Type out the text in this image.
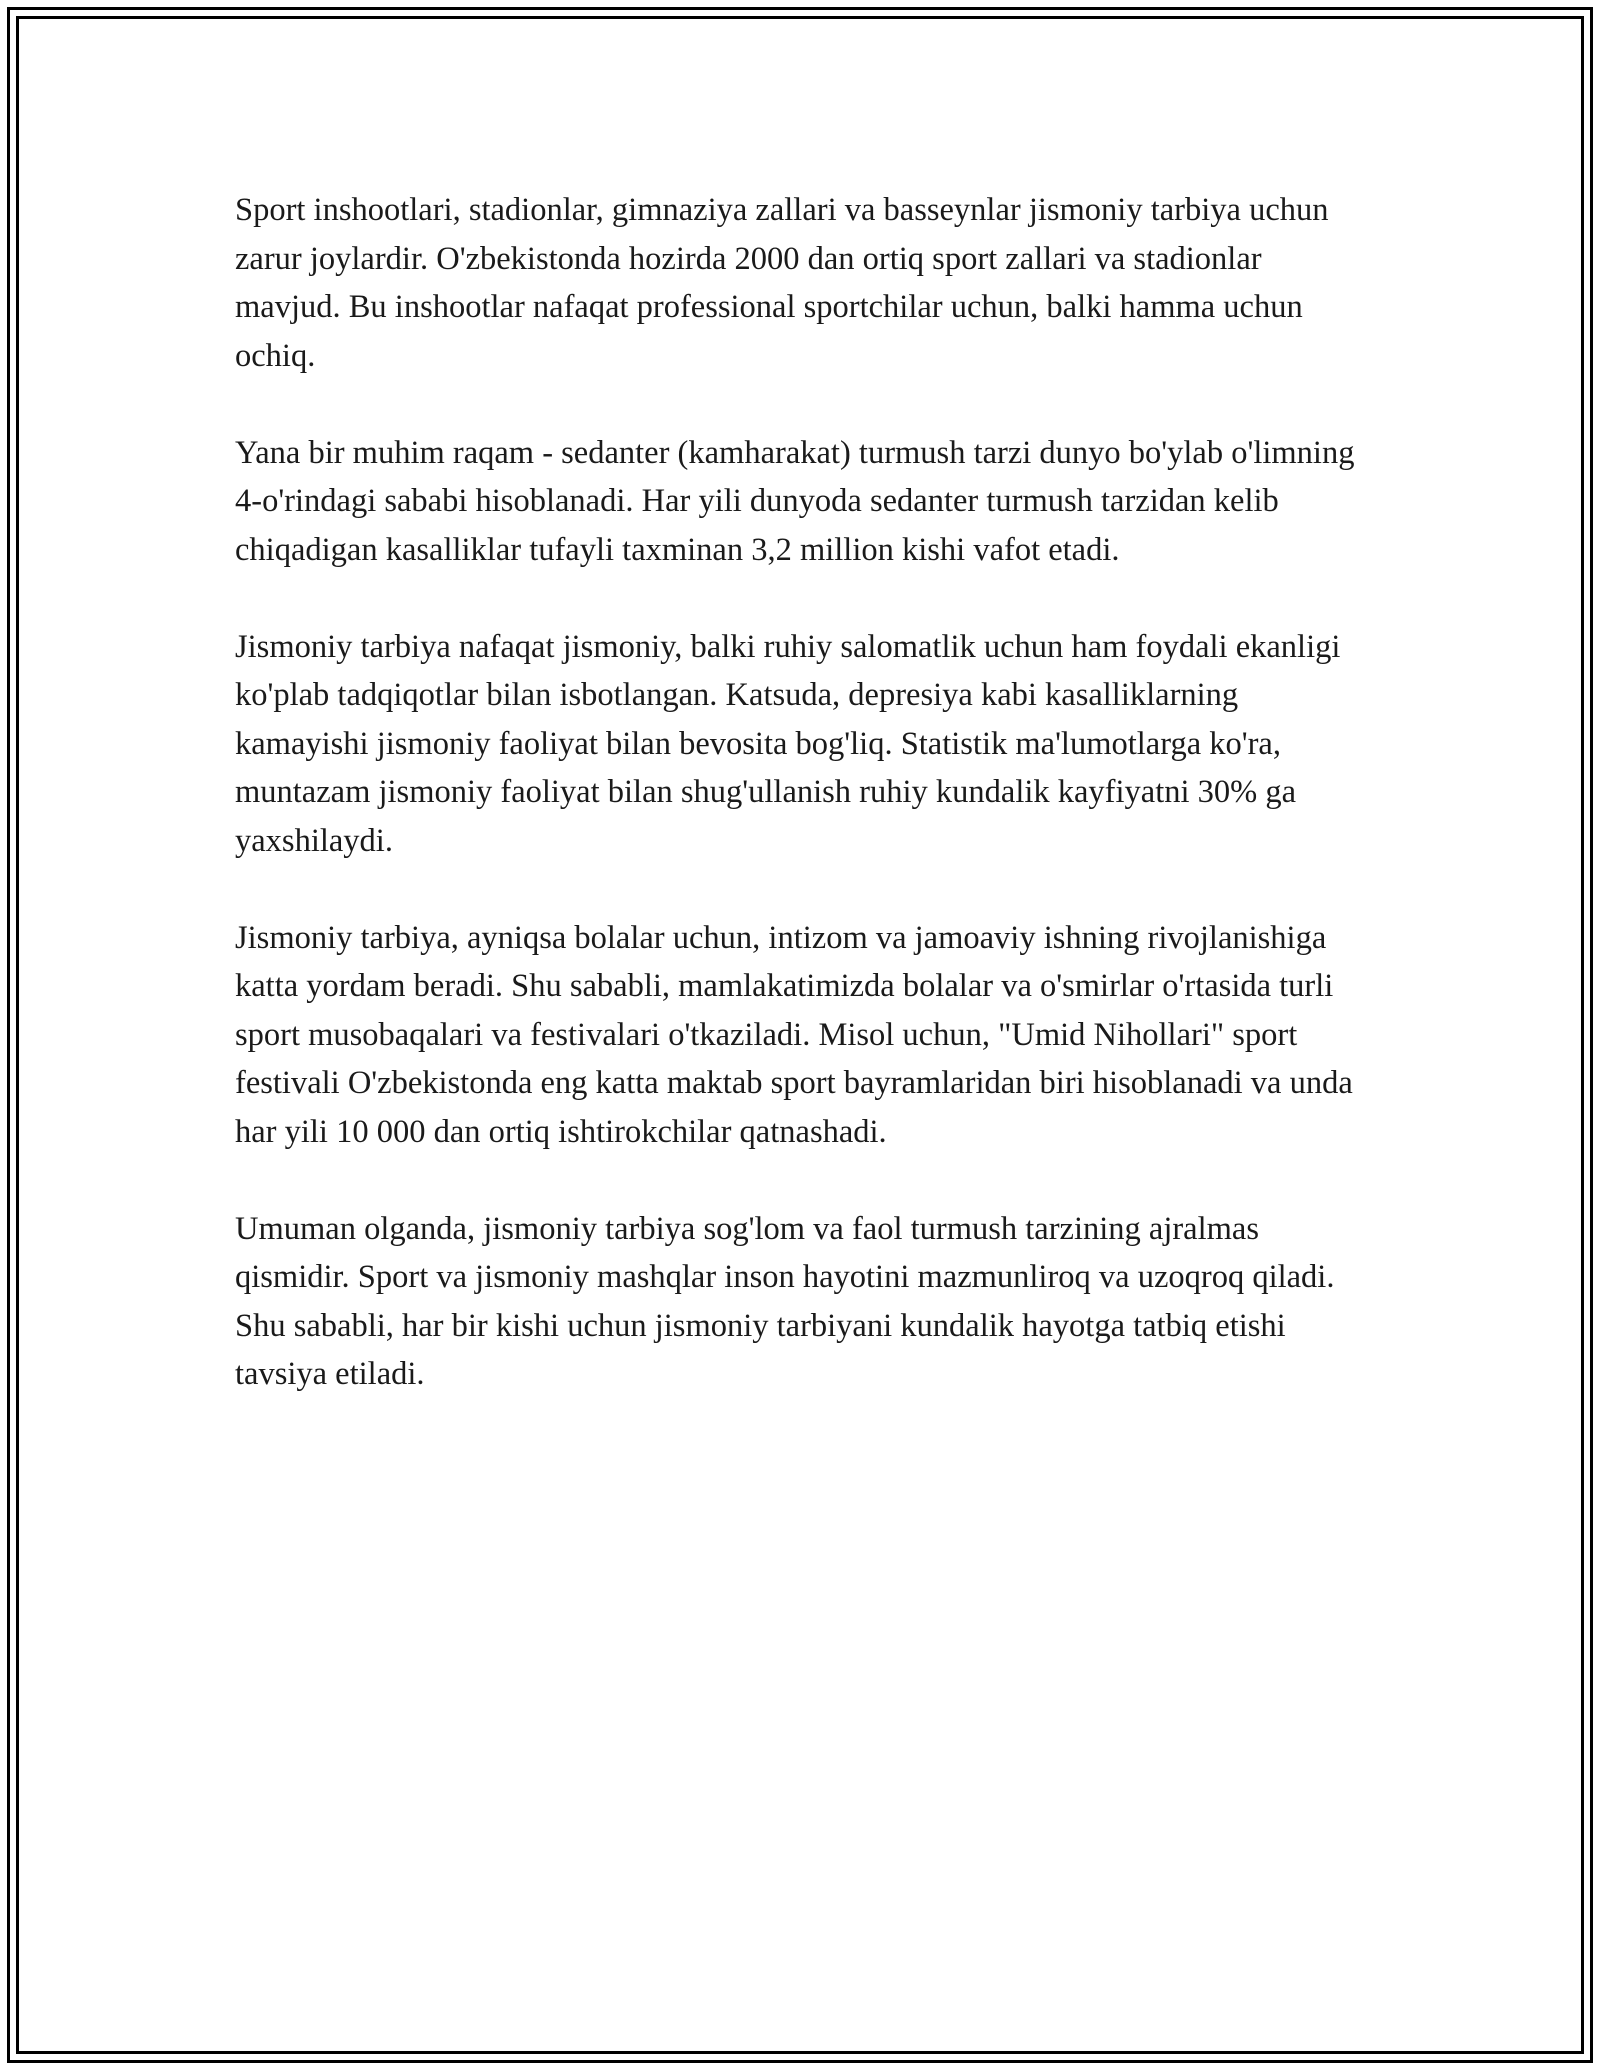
Sport inshootlari, stadionlar, gimnaziya zallari va basseynlar jismoniy tarbiya uchun zarur joylardir. O'zbekistonda hozirda 2000 dan ortiq sport zallari va stadionlar mavjud. Bu inshootlar nafaqat professional sportchilar uchun, balki hamma uchun ochiq.

Yana bir muhim raqam - sedanter (kamharakat) turmush tarzi dunyo bo'ylab o'limning 4-o'rindagi sababi hisoblanadi. Har yili dunyoda sedanter turmush tarzidan kelib chiqadigan kasalliklar tufayli taxminan 3,2 million kishi vafot etadi.

Jismoniy tarbiya nafaqat jismoniy, balki ruhiy salomatlik uchun ham foydali ekanligi ko'plab tadqiqotlar bilan isbotlangan. Katsuda, depresiya kabi kasalliklarning kamayishi jismoniy faoliyat bilan bevosita bog'liq. Statistik ma'lumotlarga ko'ra, muntazam jismoniy faoliyat bilan shug'ullanish ruhiy kundalik kayfiyatni 30% ga yaxshilaydi.

Jismoniy tarbiya, ayniqsa bolalar uchun, intizom va jamoaviy ishning rivojlanishiga katta yordam beradi. Shu sababli, mamlakatimizda bolalar va o'smirlar o'rtasida turli sport musobaqalari va festivalari o'tkaziladi. Misol uchun, "Umid Nihollari" sport festivali O'zbekistonda eng katta maktab sport bayramlaridan biri hisoblanadi va unda har yili 10 000 dan ortiq ishtirokchilar qatnashadi.

Umuman olganda, jismoniy tarbiya sog'lom va faol turmush tarzining ajralmas qismidir. Sport va jismoniy mashqlar inson hayotini mazmunliroq va uzoqroq qiladi. Shu sababli, har bir kishi uchun jismoniy tarbiyani kundalik hayotga tatbiq etishi tavsiya etiladi.
